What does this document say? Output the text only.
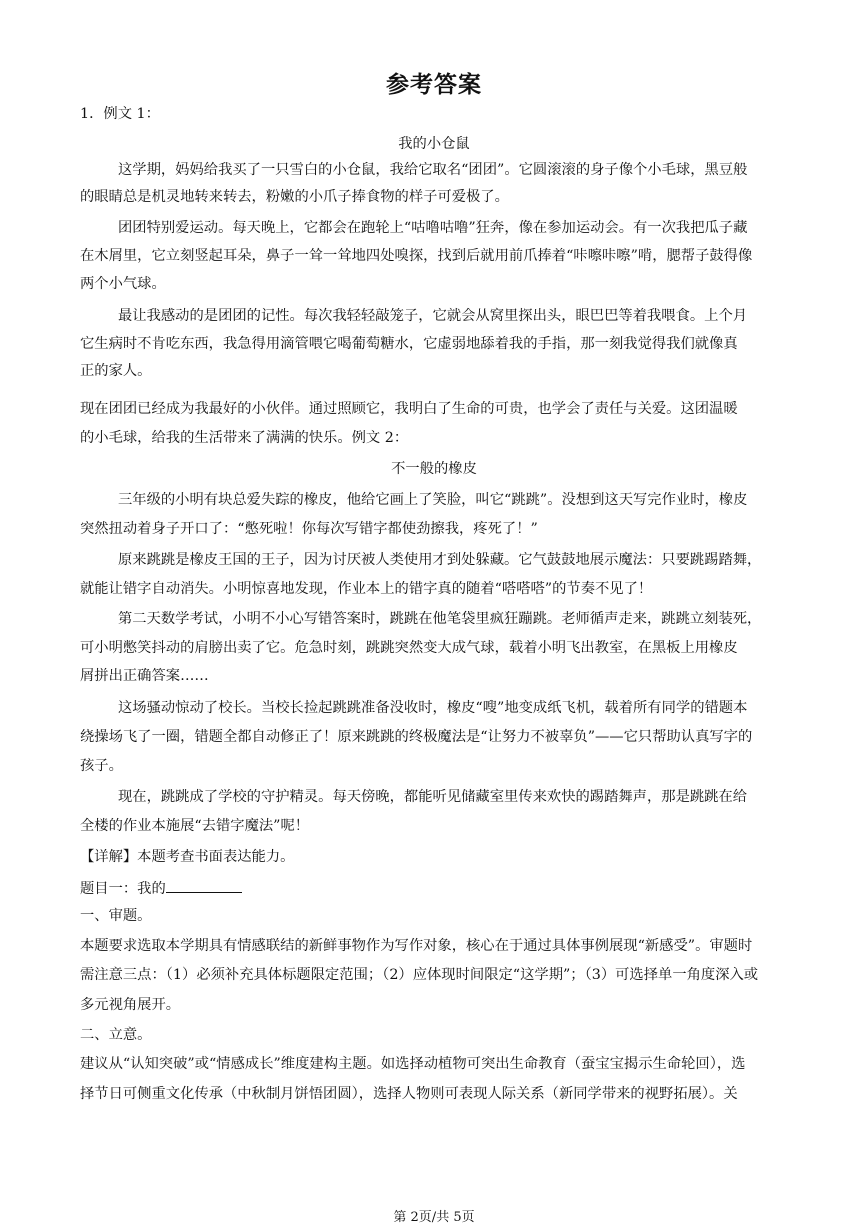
参考答案
1．例文 1：
我的小仓鼠
这学期，妈妈给我买了一只雪白的小仓鼠，我给它取名“团团”。它圆滚滚的身子像个小毛球，黑豆般
的眼睛总是机灵地转来转去，粉嫩的小爪子捧食物的样子可爱极了。
团团特别爱运动。每天晚上，它都会在跑轮上“咕噜咕噜”狂奔，像在参加运动会。有一次我把瓜子藏
在木屑里，它立刻竖起耳朵，鼻子一耸一耸地四处嗅探，找到后就用前爪捧着“咔嚓咔嚓”啃，腮帮子鼓得像
两个小气球。
最让我感动的是团团的记性。每次我轻轻敲笼子，它就会从窝里探出头，眼巴巴等着我喂食。上个月
它生病时不肯吃东西，我急得用滴管喂它喝葡萄糖水，它虚弱地舔着我的手指，那一刻我觉得我们就像真
正的家人。
现在团团已经成为我最好的小伙伴。通过照顾它，我明白了生命的可贵，也学会了责任与关爱。这团温暖
的小毛球，给我的生活带来了满满的快乐。例文 2：
不一般的橡皮
三年级的小明有块总爱失踪的橡皮，他给它画上了笑脸，叫它“跳跳”。没想到这天写完作业时，橡皮
突然扭动着身子开口了：“憋死啦！你每次写错字都使劲擦我，疼死了！”
原来跳跳是橡皮王国的王子，因为讨厌被人类使用才到处躲藏。它气鼓鼓地展示魔法：只要跳踢踏舞，
就能让错字自动消失。小明惊喜地发现，作业本上的错字真的随着“嗒嗒嗒”的节奏不见了！
第二天数学考试，小明不小心写错答案时，跳跳在他笔袋里疯狂蹦跳。老师循声走来，跳跳立刻装死，
可小明憋笑抖动的肩膀出卖了它。危急时刻，跳跳突然变大成气球，载着小明飞出教室，在黑板上用橡皮
屑拼出正确答案……
这场骚动惊动了校长。当校长捡起跳跳准备没收时，橡皮“嗖”地变成纸飞机，载着所有同学的错题本
绕操场飞了一圈，错题全都自动修正了！原来跳跳的终极魔法是“让努力不被辜负”——它只帮助认真写字的
孩子。
现在，跳跳成了学校的守护精灵。每天傍晚，都能听见储藏室里传来欢快的踢踏舞声，那是跳跳在给
全楼的作业本施展“去错字魔法”呢！
【详解】本题考查书面表达能力。
题目一：我的
一、审题。
本题要求选取本学期具有情感联结的新鲜事物作为写作对象，核心在于通过具体事例展现“新感受”。审题时
需注意三点：（1）必须补充具体标题限定范围；（2）应体现时间限定“这学期”；（3）可选择单一角度深入或
多元视角展开。
二、立意。
建议从“认知突破”或“情感成长”维度建构主题。如选择动植物可突出生命教育（蚕宝宝揭示生命轮回），选
择节日可侧重文化传承（中秋制月饼悟团圆），选择人物则可表现人际关系（新同学带来的视野拓展）。关
第 2页/共 5页
